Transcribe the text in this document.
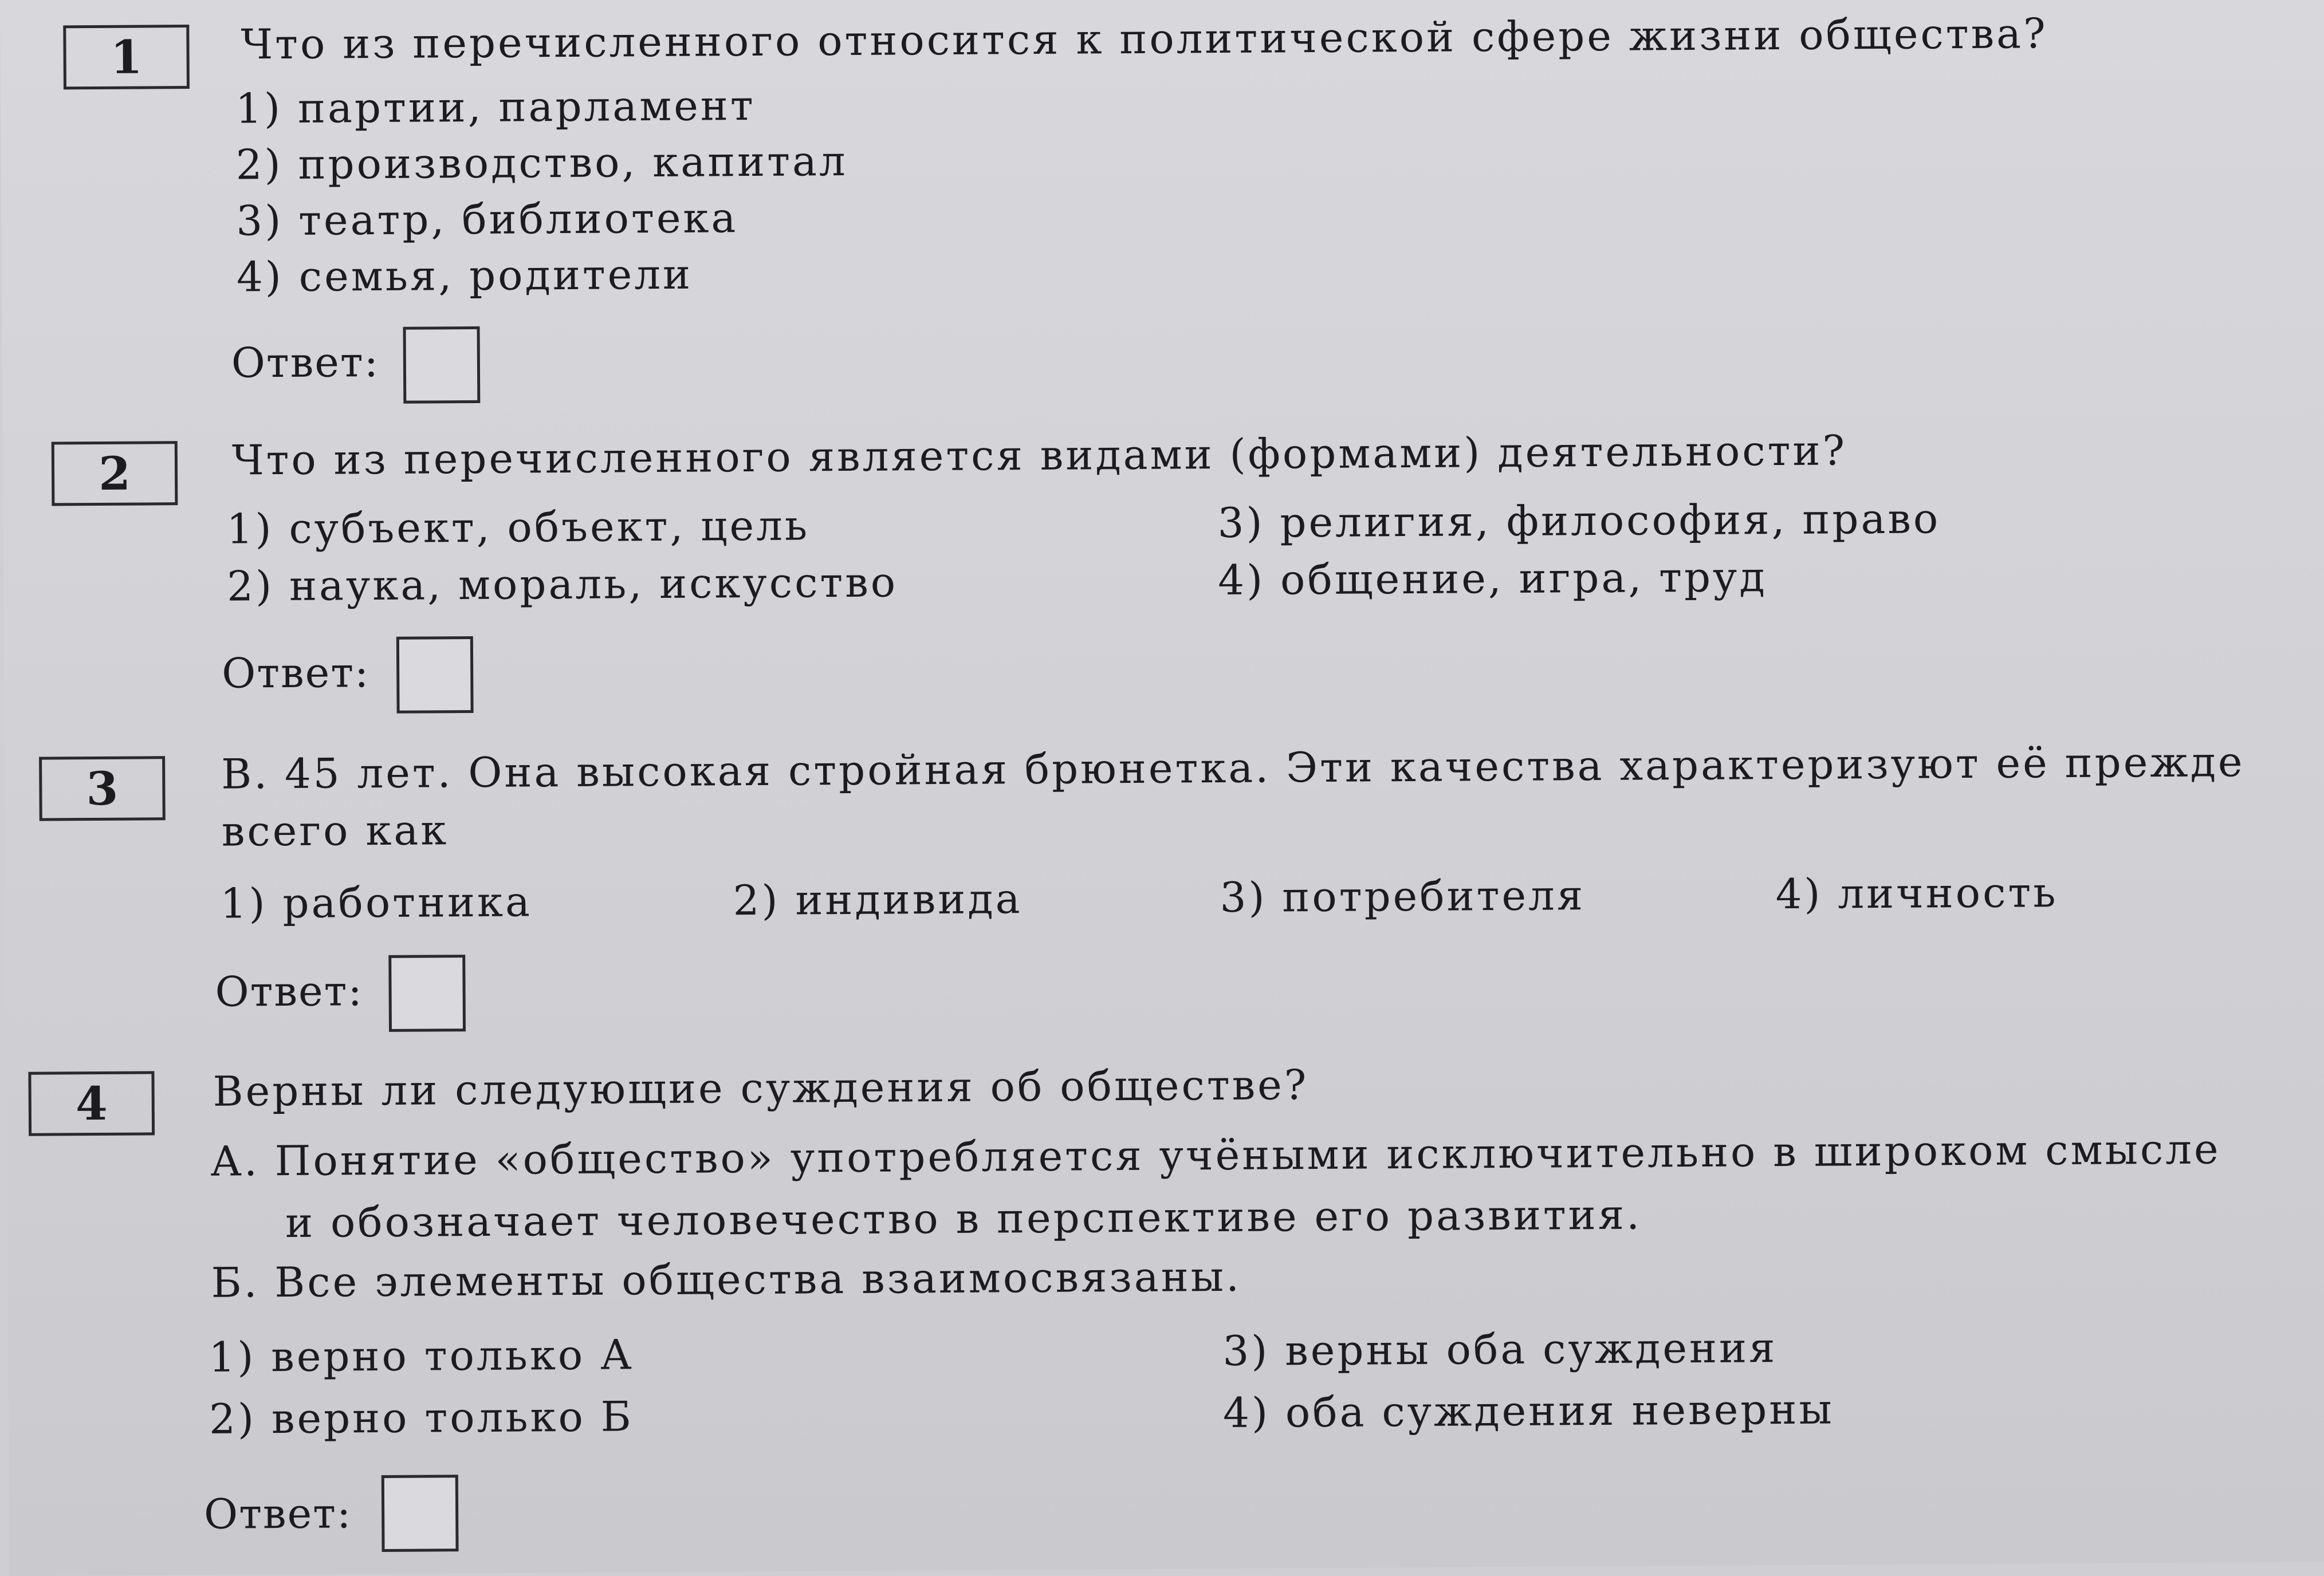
1 Что из перечисленного относится к политической сфере жизни общества?
1) партии, парламент
2) производство, капитал
3) театр, библиотека
4) семья, родители
Ответ:
2 Что из перечисленного является видами (формами) деятельности?
1) субъект, объект, цель	3) религия, философия, право
2) наука, мораль, искусство	4) общение, игра, труд
Ответ:
3 В. 45 лет. Она высокая стройная брюнетка. Эти качества характеризуют её прежде
всего как
1) работника	2) индивида	3) потребителя	4) личность
Ответ:
4	Верны ли следующие суждения об обществе?
А. Понятие «общество» употребляется учёными исключительно в широком смысле
и обозначает человечество в перспективе его развития.
Б. Все элементы общества взаимосвязаны.
1) верно только А	3) верны оба суждения
2) верно только Б	4) оба суждения неверны
Ответ:
